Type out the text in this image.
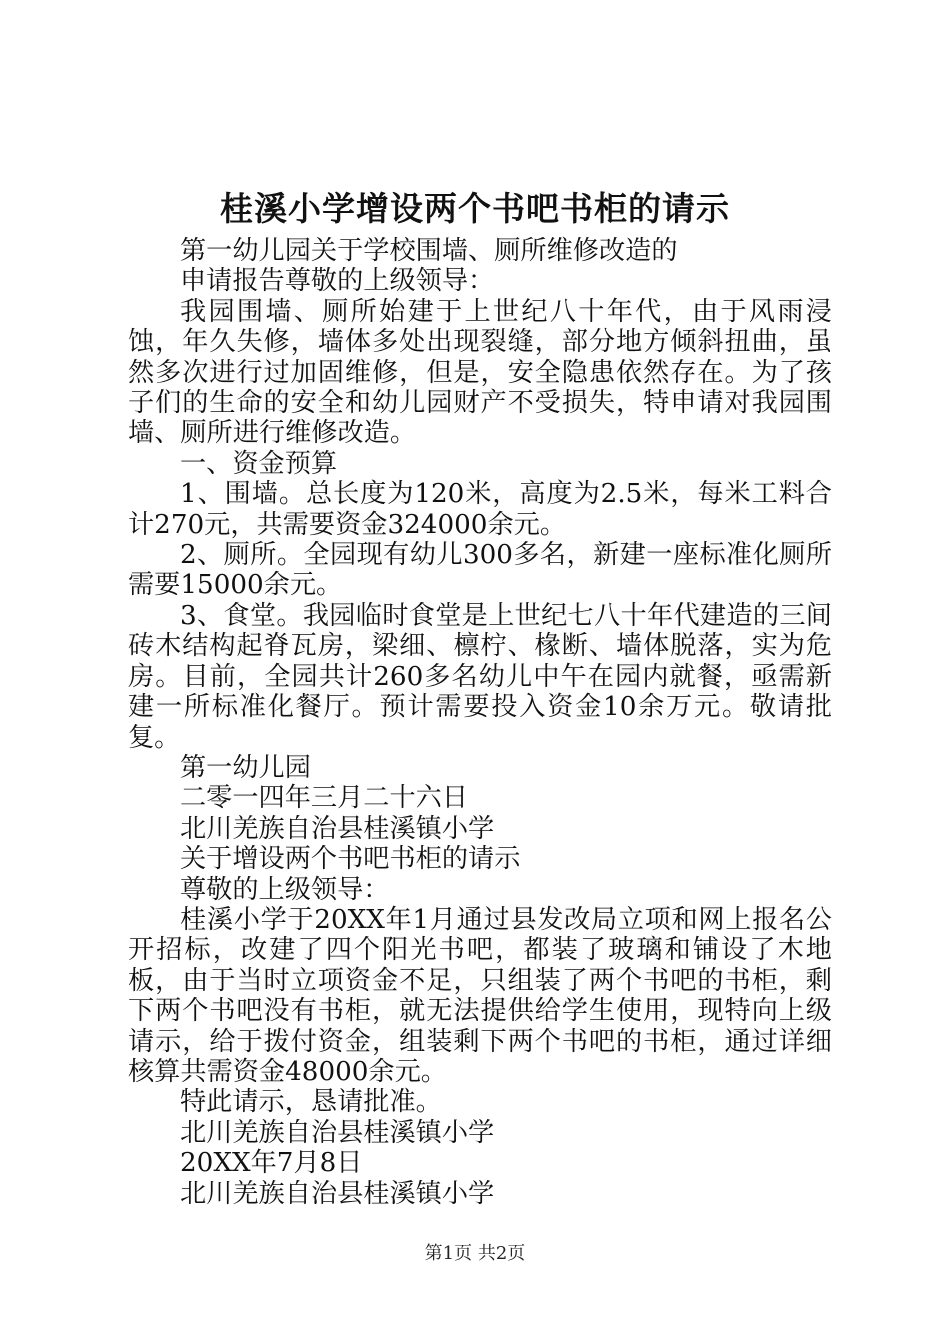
桂溪小学增设两个书吧书柜的请示

第一幼儿园关于学校围墙、厕所维修改造的

申请报告尊敬的上级领导：

我园围墙、厕所始建于上世纪八十年代，由于风雨浸蚀，年久失修，墙体多处出现裂缝，部分地方倾斜扭曲，虽然多次进行过加固维修，但是，安全隐患依然存在。为了孩子们的生命的安全和幼儿园财产不受损失，特申请对我园围墙、厕所进行维修改造。

一、资金预算

1、围墙。总长度为120米，高度为2.5米，每米工料合计270元，共需要资金324000余元。

2、厕所。全园现有幼儿300多名，新建一座标准化厕所需要15000余元。

3、食堂。我园临时食堂是上世纪七八十年代建造的三间砖木结构起脊瓦房，梁细、檩柠、椽断、墙体脱落，实为危房。目前，全园共计260多名幼儿中午在园内就餐，亟需新建一所标准化餐厅。预计需要投入资金10余万元。敬请批复。

第一幼儿园

二零一四年三月二十六日

北川羌族自治县桂溪镇小学

关于增设两个书吧书柜的请示

尊敬的上级领导：

桂溪小学于20XX年1月通过县发改局立项和网上报名公开招标，改建了四个阳光书吧，都装了玻璃和铺设了木地板，由于当时立项资金不足，只组装了两个书吧的书柜，剩下两个书吧没有书柜，就无法提供给学生使用，现特向上级请示，给于拨付资金，组装剩下两个书吧的书柜，通过详细核算共需资金48000余元。

特此请示，恳请批准。

北川羌族自治县桂溪镇小学

20XX年7月8日

北川羌族自治县桂溪镇小学

第1页 共2页
